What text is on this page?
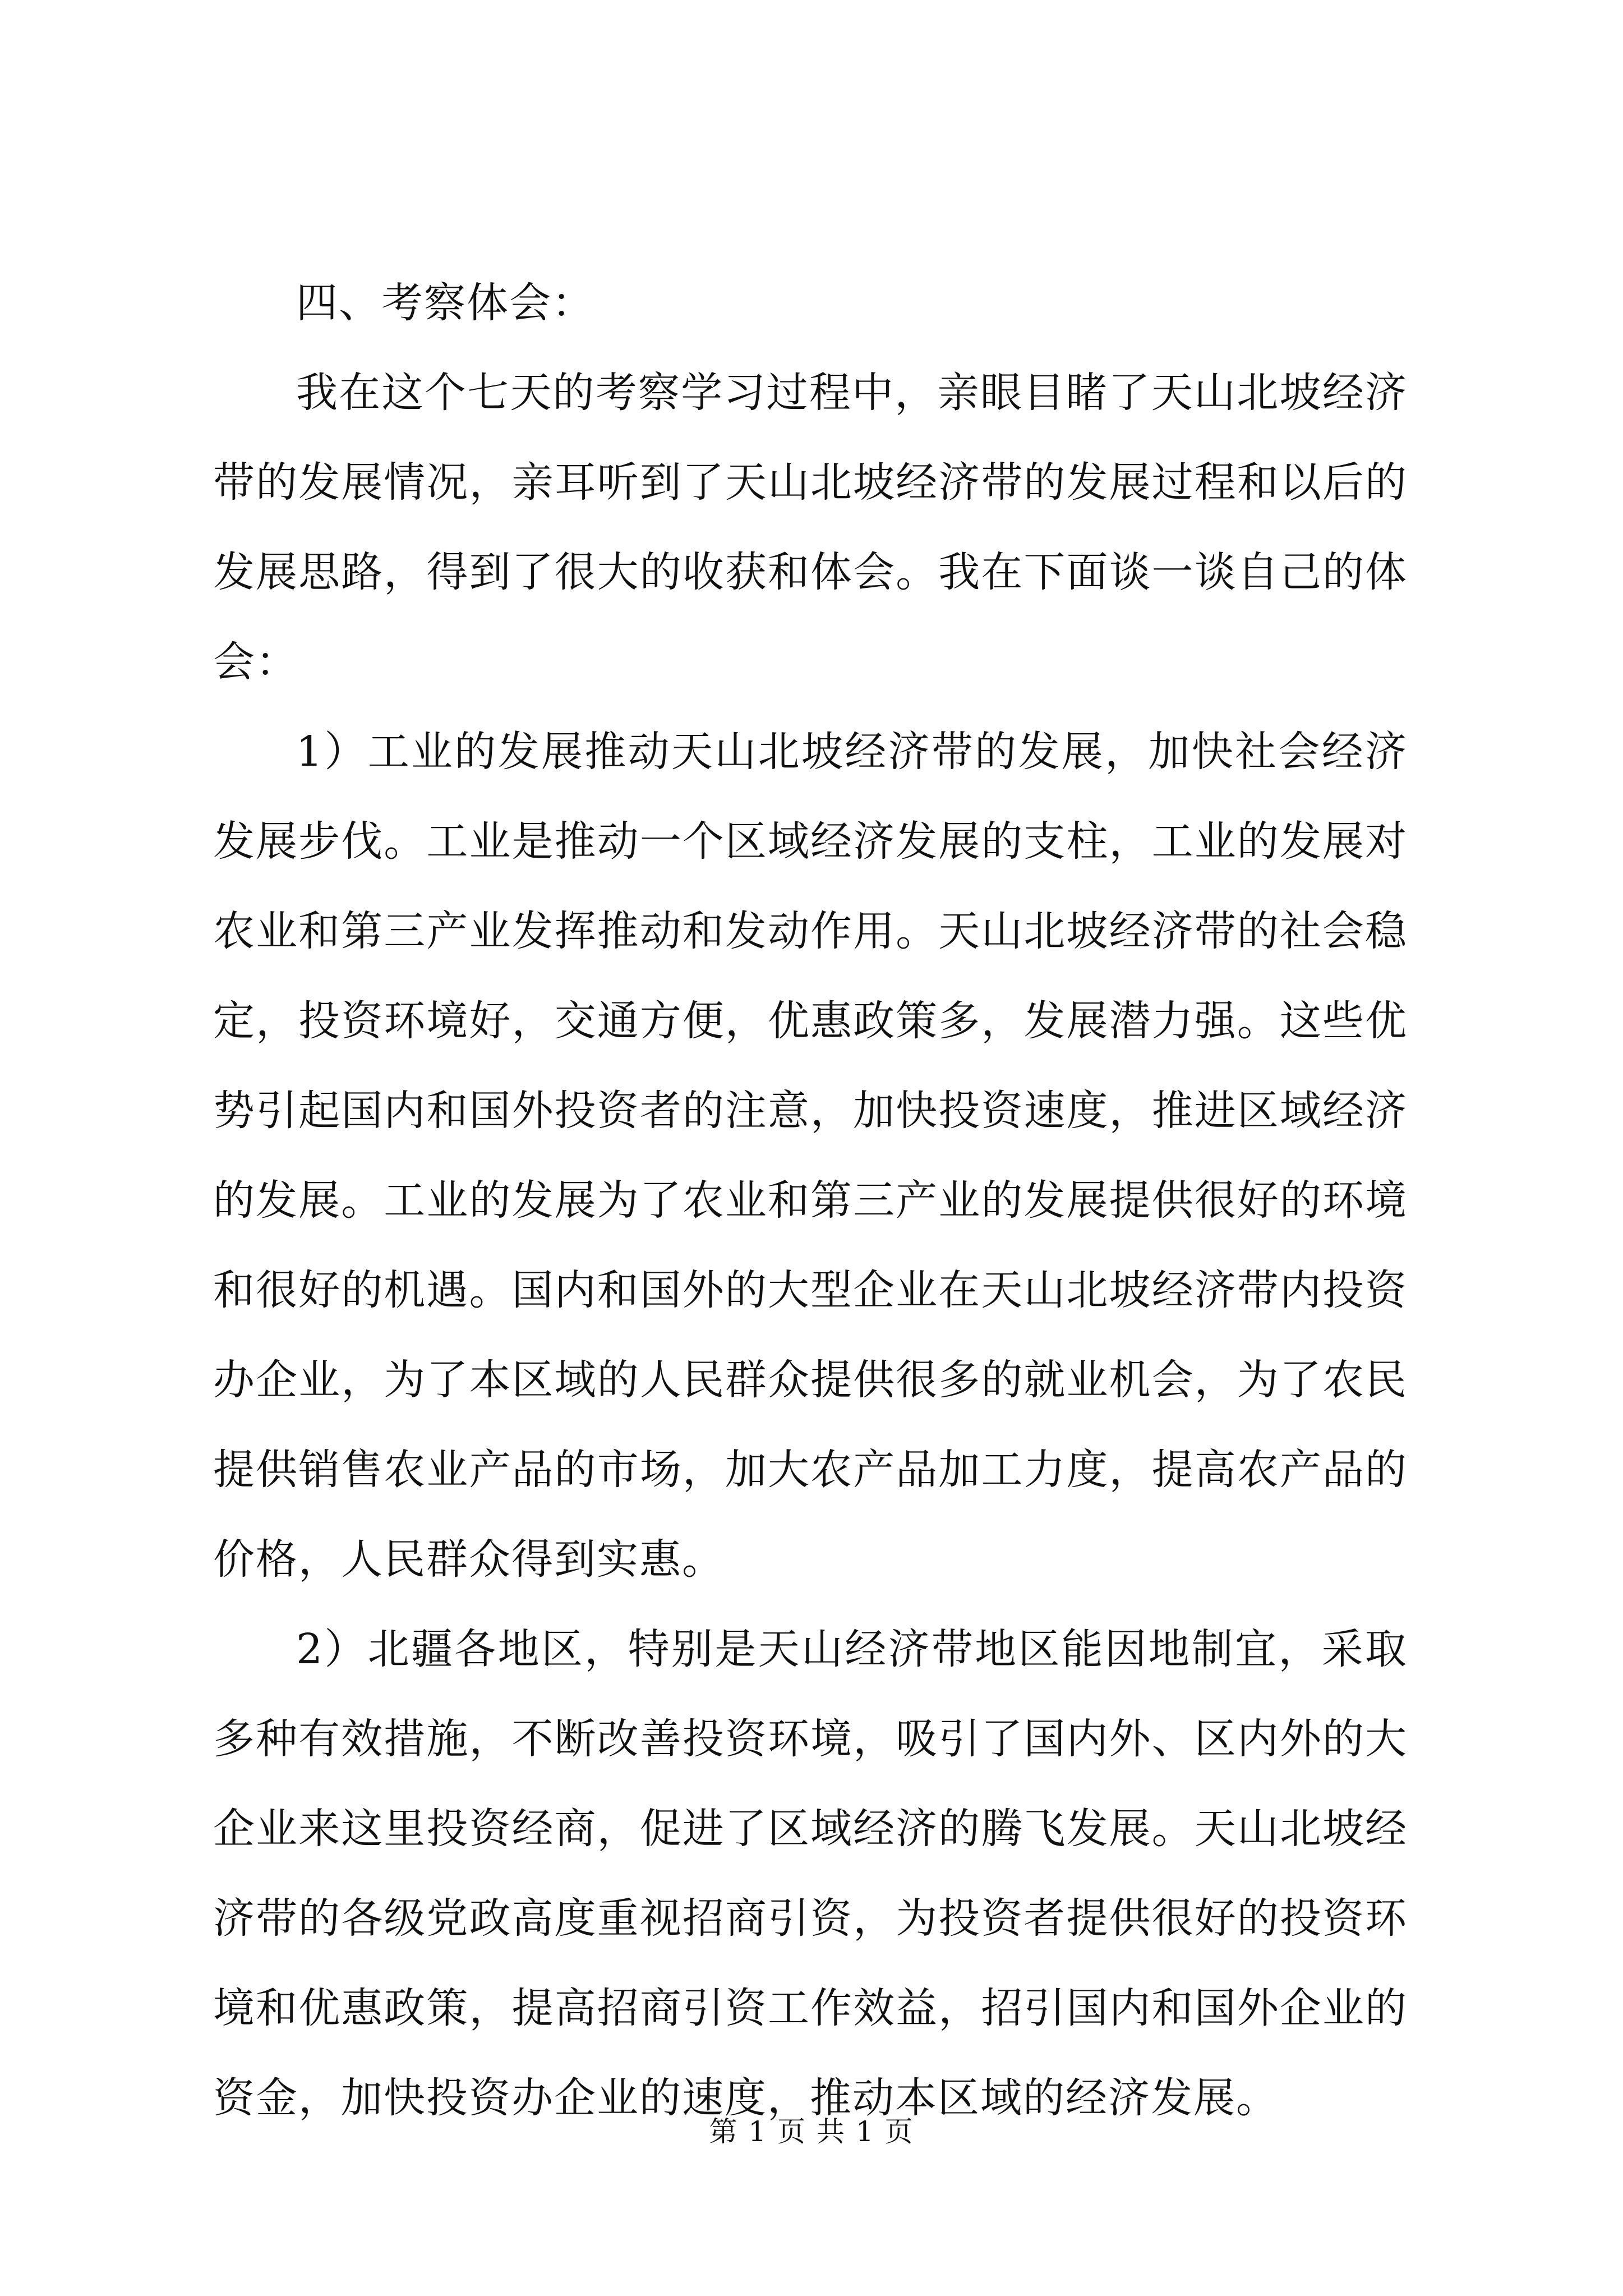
四、考察体会：

我在这个七天的考察学习过程中，亲眼目睹了天山北坡经济带的发展情况，亲耳听到了天山北坡经济带的发展过程和以后的发展思路，得到了很大的收获和体会。我在下面谈一谈自己的体会：

1）工业的发展推动天山北坡经济带的发展，加快社会经济发展步伐。工业是推动一个区域经济发展的支柱，工业的发展对农业和第三产业发挥推动和发动作用。天山北坡经济带的社会稳定，投资环境好，交通方便，优惠政策多，发展潜力强。这些优势引起国内和国外投资者的注意，加快投资速度，推进区域经济的发展。工业的发展为了农业和第三产业的发展提供很好的环境和很好的机遇。国内和国外的大型企业在天山北坡经济带内投资办企业，为了本区域的人民群众提供很多的就业机会，为了农民提供销售农业产品的市场，加大农产品加工力度，提高农产品的价格，人民群众得到实惠。

2）北疆各地区，特别是天山经济带地区能因地制宜，采取多种有效措施，不断改善投资环境，吸引了国内外、区内外的大企业来这里投资经商，促进了区域经济的腾飞发展。天山北坡经济带的各级党政高度重视招商引资，为投资者提供很好的投资环境和优惠政策，提高招商引资工作效益，招引国内和国外企业的资金，加快投资办企业的速度，推动本区域的经济发展。

第 1 页 共 1 页
